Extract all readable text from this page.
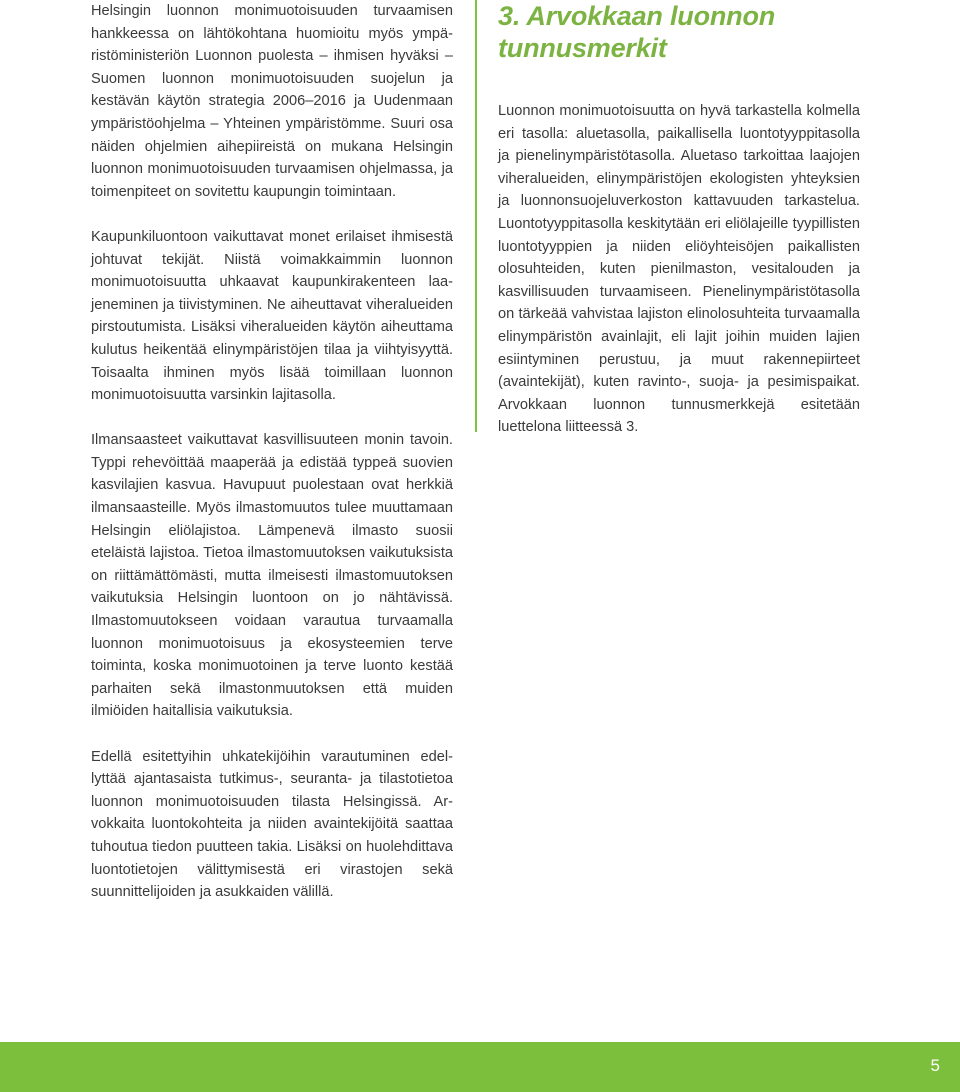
Helsingin luonnon monimuotoisuuden turvaamisen hankkeessa on lähtökohtana huomioitu myös ympäristöministeriön Luonnon puolesta – ihmisen hyväksi – Suomen luonnon monimuotoisuuden suojelun ja kestävän käytön strategia 2006–2016 ja Uudenmaan ympäristöohjelma – Yhteinen ympäristömme. Suuri osa näiden ohjelmien aihepiireistä on mukana Helsingin luonnon monimuotoisuuden turvaamisen ohjelmassa, ja toimenpiteet on sovitettu kaupungin toimintaan.

Kaupunkiluontoon vaikuttavat monet erilaiset ihmisestä johtuvat tekijät. Niistä voimakkaimmin luonnon monimuotoisuutta uhkaavat kaupunkirakenteen laajeneminen ja tiivistyminen. Ne aiheuttavat viheralueiden pirstoutumista. Lisäksi viheralueiden käytön aiheuttama kulutus heikentää elinympäristöjen tilaa ja viihtyisyyttä. Toisaalta ihminen myös lisää toimillaan luonnon monimuotoisuutta varsinkin lajitasolla.

Ilmansaasteet vaikuttavat kasvillisuuteen monin tavoin. Typpi rehevöittää maaperää ja edistää typpeä suovien kasvilajien kasvua. Havupuut puolestaan ovat herkkiä ilmansaasteille. Myös ilmastomuutos tulee muuttamaan Helsingin eliölajistoa. Lämpenevä ilmasto suosii eteläistä lajistoa. Tietoa ilmastomuutoksen vaikutuksista on riittämättömästi, mutta ilmeisesti ilmastomuutoksen vaikutuksia Helsingin luontoon on jo nähtävissä. Ilmastomuutokseen voidaan varautua turvaamalla luonnon monimuotoisuus ja ekosysteemien terve toiminta, koska monimuotoinen ja terve luonto kestää parhaiten sekä ilmastonmuutoksen että muiden ilmiöiden haitallisia vaikutuksia.

Edellä esitettyihin uhkatekijöihin varautuminen edellyttää ajantasaista tutkimus-, seuranta- ja tilastotietoa luonnon monimuotoisuuden tilasta Helsingissä. Arvokkaita luontokohteita ja niiden avaintekijöitä saattaa tuhoutua tiedon puutteen takia. Lisäksi on huolehdittava luontotietojen välittymisestä eri virastojen sekä suunnittelijoiden ja asukkaiden välillä.

3. Arvokkaan luonnon tunnusmerkit

Luonnon monimuotoisuutta on hyvä tarkastella kolmella eri tasolla: aluetasolla, paikallisella luontotyyppitasolla ja pienelinympäristötasolla. Aluetaso tarkoittaa laajojen viheralueiden, elinympäristöjen ekologisten yhteyksien ja luonnonsuojeluverkoston kattavuuden tarkastelua. Luontotyyppitasolla keskitytään eri eliölajeille tyypillisten luontotyyppien ja niiden eliöyhteisöjen paikallisten olosuhteiden, kuten pienilmaston, vesitalouden ja kasvillisuuden turvaamiseen. Pienelinympäristötasolla on tärkeää vahvistaa lajiston elinolosuhteita turvaamalla elinympäristön avainlajit, eli lajit joihin muiden lajien esiintyminen perustuu, ja muut rakennepiirteet (avaintekijät), kuten ravinto-, suoja- ja pesimispaikat. Arvokkaan luonnon tunnusmerkkejä esitetään luettelona liitteessä 3.

5
